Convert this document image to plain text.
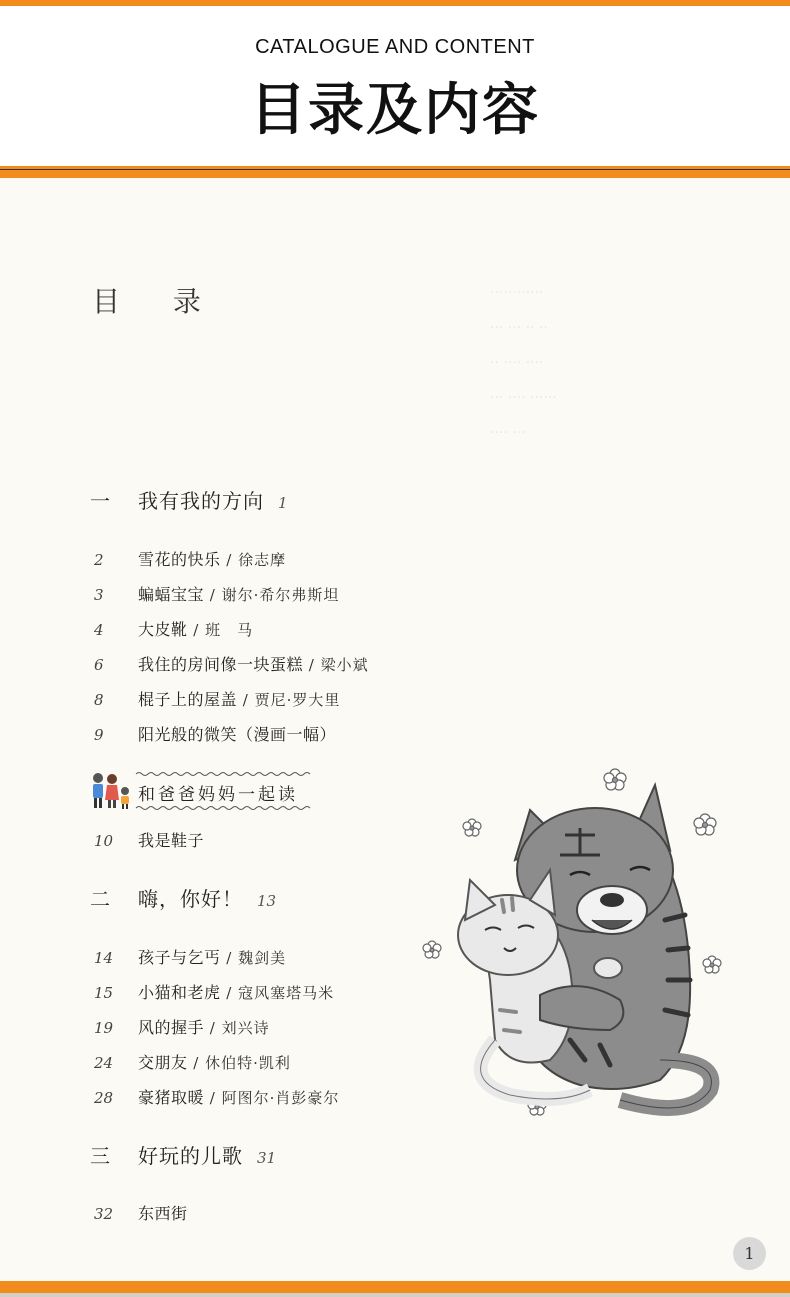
CATALOGUE AND CONTENT
目录及内容
············
··· ··· ·· ··
·· ···· ····
··· ···· ······
···· ···
目 录
一	我有我的方向 1
2	雪花的快乐 / 徐志摩
3	蝙蝠宝宝 / 谢尔·希尔弗斯坦
4	大皮靴 / 班　马
6	我住的房间像一块蛋糕 / 梁小斌
8	棍子上的屋盖 / 贾尼·罗大里
9	阳光般的微笑（漫画一幅）
和爸爸妈妈一起读
10	我是鞋子
二	嗨，你好！ 13
14	孩子与乞丐 / 魏剑美
15	小猫和老虎 / 寇风塞塔马米
19	风的握手 / 刘兴诗
24	交朋友 / 休伯特·凯利
28	豪猪取暖 / 阿图尔·肖彭豪尔
三	好玩的儿歌 31
32	东西街
1
